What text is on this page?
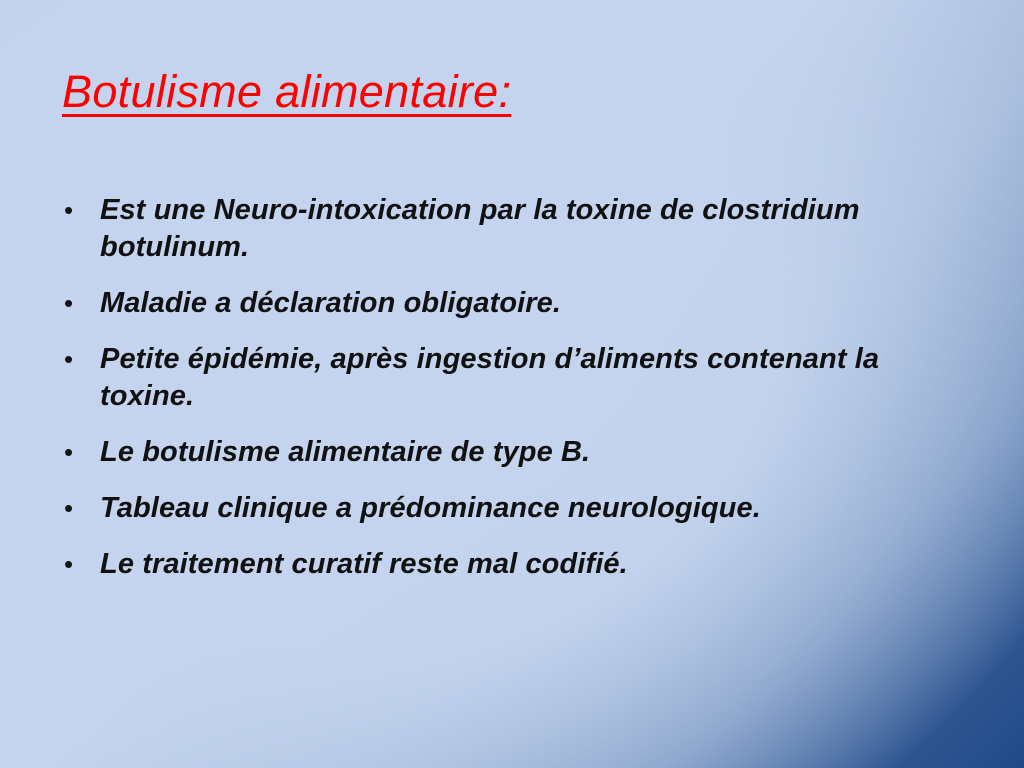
Botulisme alimentaire:
• Est une Neuro-intoxication par la toxine de clostridium botulinum.
• Maladie a déclaration obligatoire.
• Petite épidémie, après ingestion d’aliments contenant la toxine.
• Le botulisme alimentaire de type B.
• Tableau clinique a prédominance neurologique.
• Le traitement curatif reste mal codifié.
